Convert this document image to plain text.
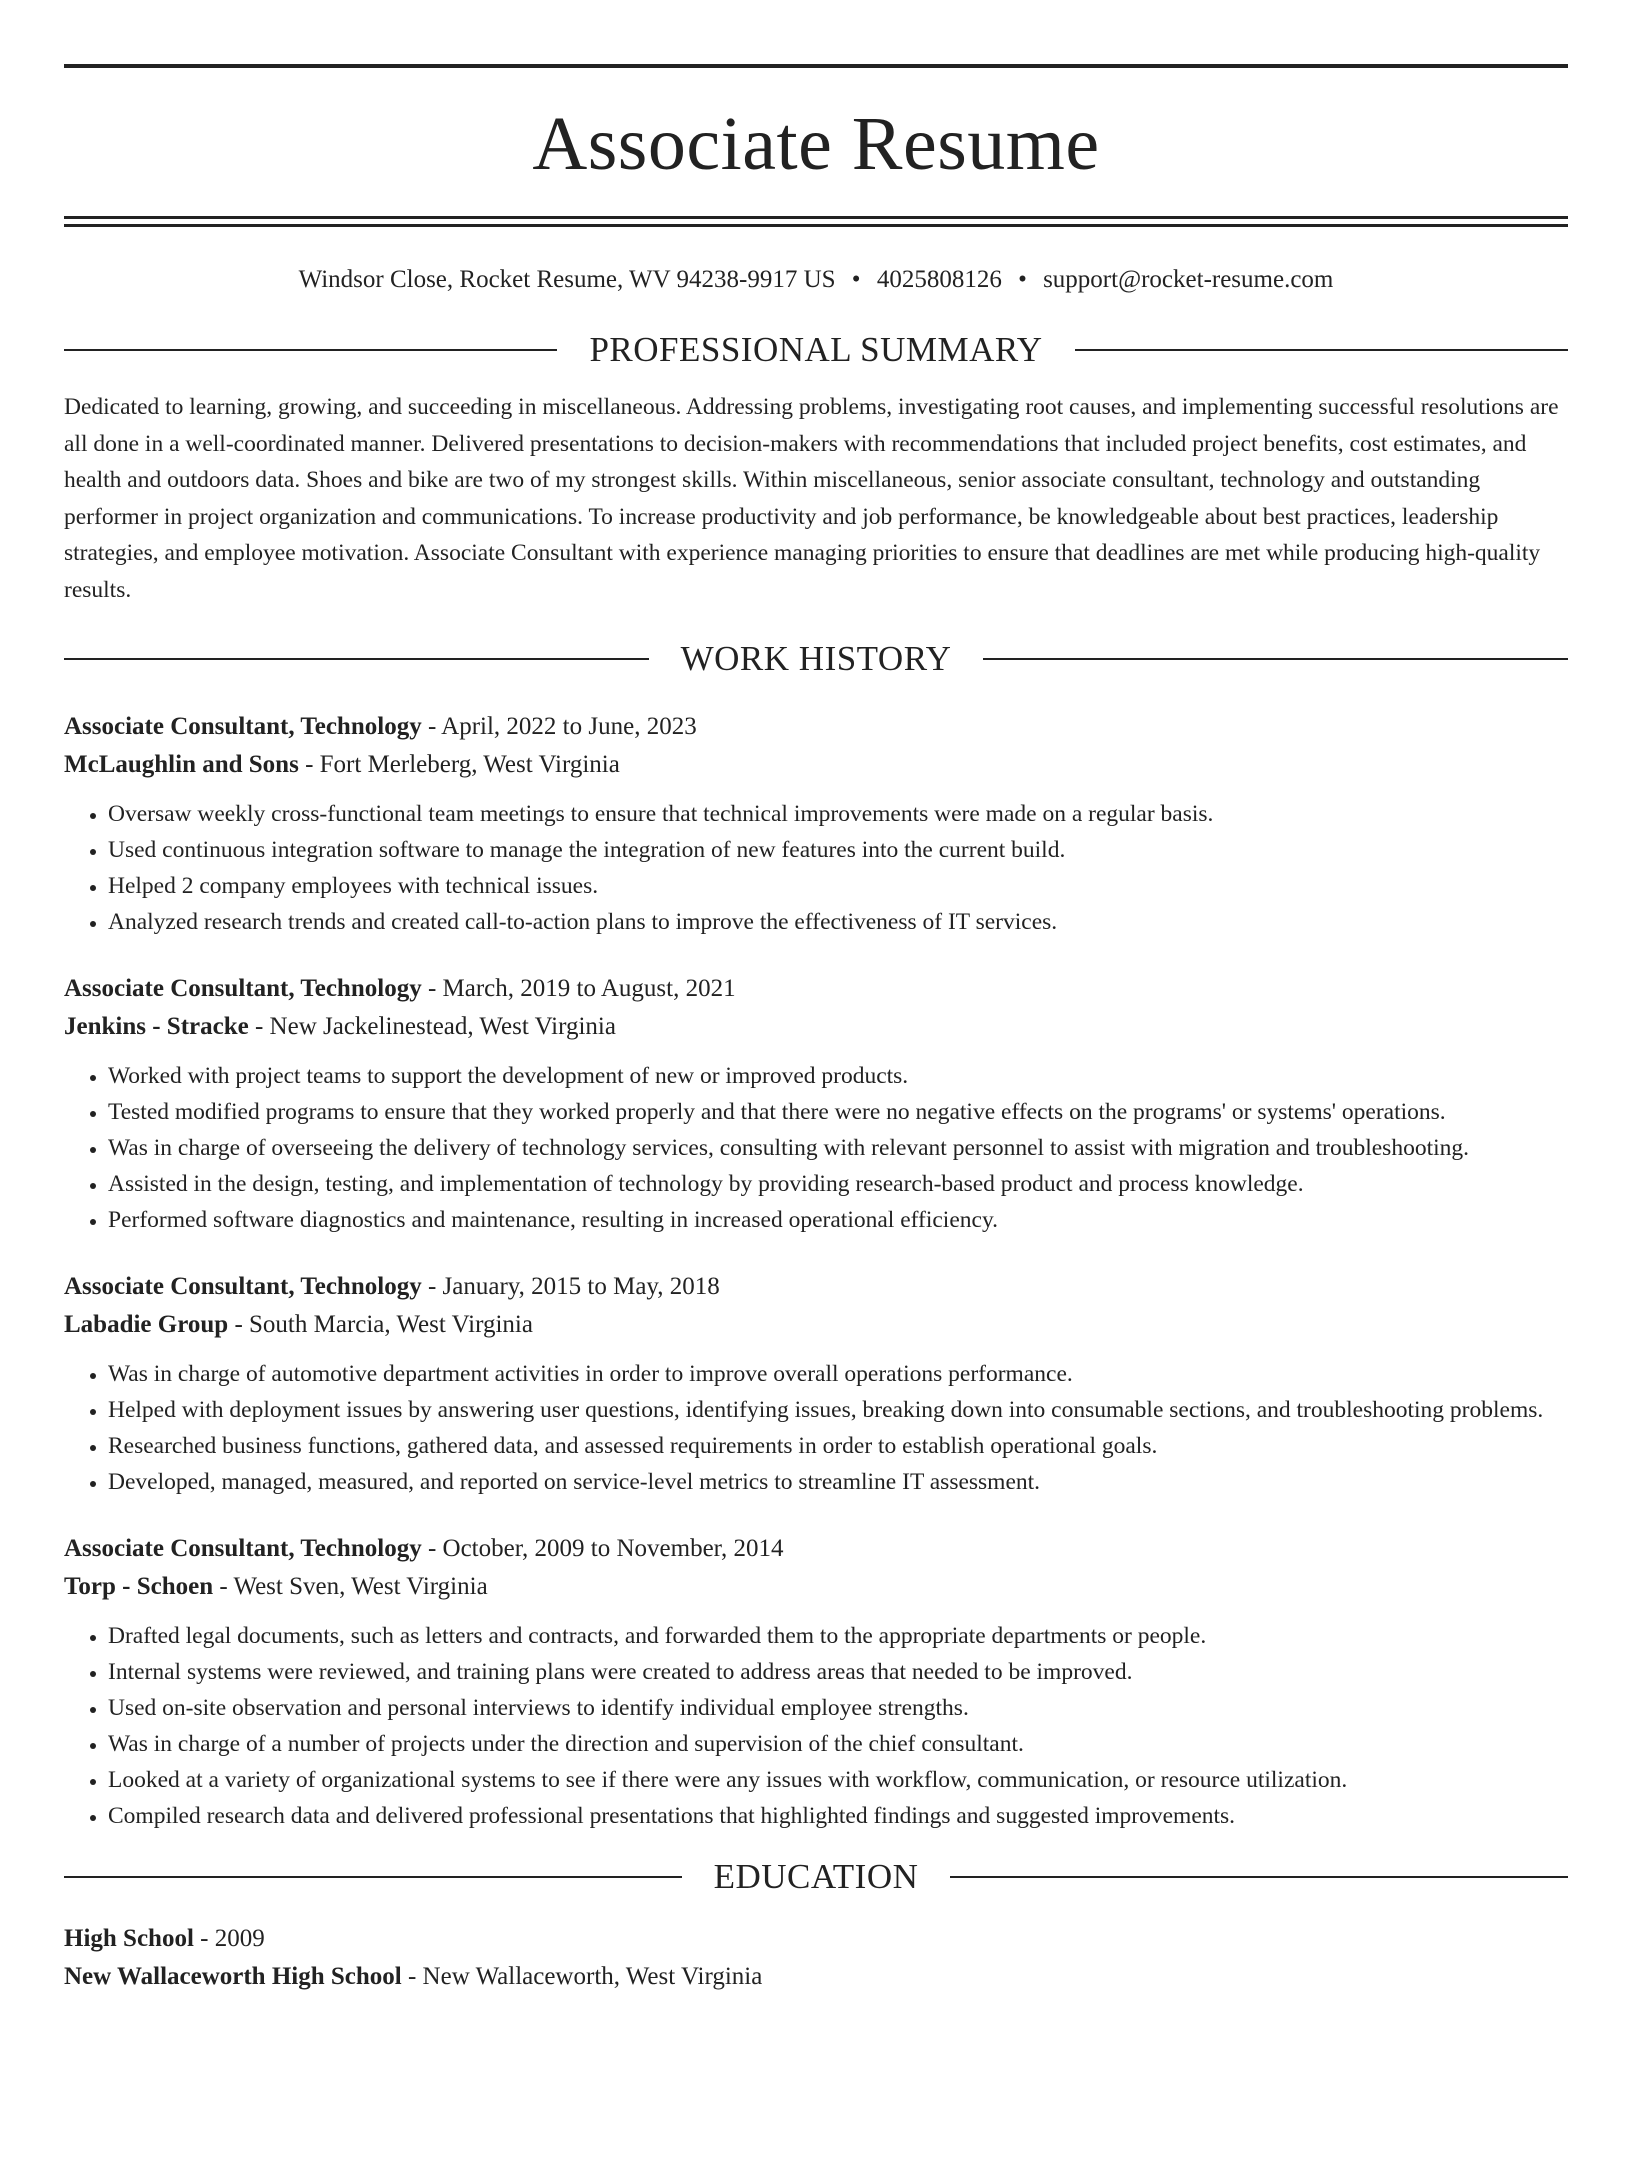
Associate Resume
Windsor Close, Rocket Resume, WV 94238-9917 US • 4025808126 • support@rocket-resume.com
PROFESSIONAL SUMMARY

Dedicated to learning, growing, and succeeding in miscellaneous. Addressing problems, investigating root causes, and implementing successful resolutions are all done in a well-coordinated manner. Delivered presentations to decision-makers with recommendations that included project benefits, cost estimates, and health and outdoors data. Shoes and bike are two of my strongest skills. Within miscellaneous, senior associate consultant, technology and outstanding performer in project organization and communications. To increase productivity and job performance, be knowledgeable about best practices, leadership strategies, and employee motivation. Associate Consultant with experience managing priorities to ensure that deadlines are met while producing high-quality results.

WORK HISTORY
Associate Consultant, Technology - April, 2022 to June, 2023
McLaughlin and Sons - Fort Merleberg, West Virginia
• Oversaw weekly cross-functional team meetings to ensure that technical improvements were made on a regular basis.
• Used continuous integration software to manage the integration of new features into the current build.
• Helped 2 company employees with technical issues.
• Analyzed research trends and created call-to-action plans to improve the effectiveness of IT services.
Associate Consultant, Technology - March, 2019 to August, 2021
Jenkins - Stracke - New Jackelinestead, West Virginia
• Worked with project teams to support the development of new or improved products.
• Tested modified programs to ensure that they worked properly and that there were no negative effects on the programs' or systems' operations.
• Was in charge of overseeing the delivery of technology services, consulting with relevant personnel to assist with migration and troubleshooting.
• Assisted in the design, testing, and implementation of technology by providing research-based product and process knowledge.
• Performed software diagnostics and maintenance, resulting in increased operational efficiency.
Associate Consultant, Technology - January, 2015 to May, 2018
Labadie Group - South Marcia, West Virginia
• Was in charge of automotive department activities in order to improve overall operations performance.
• Helped with deployment issues by answering user questions, identifying issues, breaking down into consumable sections, and troubleshooting problems.
• Researched business functions, gathered data, and assessed requirements in order to establish operational goals.
• Developed, managed, measured, and reported on service-level metrics to streamline IT assessment.
Associate Consultant, Technology - October, 2009 to November, 2014
Torp - Schoen - West Sven, West Virginia
• Drafted legal documents, such as letters and contracts, and forwarded them to the appropriate departments or people.
• Internal systems were reviewed, and training plans were created to address areas that needed to be improved.
• Used on-site observation and personal interviews to identify individual employee strengths.
• Was in charge of a number of projects under the direction and supervision of the chief consultant.
• Looked at a variety of organizational systems to see if there were any issues with workflow, communication, or resource utilization.
• Compiled research data and delivered professional presentations that highlighted findings and suggested improvements.
EDUCATION
High School - 2009
New Wallaceworth High School - New Wallaceworth, West Virginia
